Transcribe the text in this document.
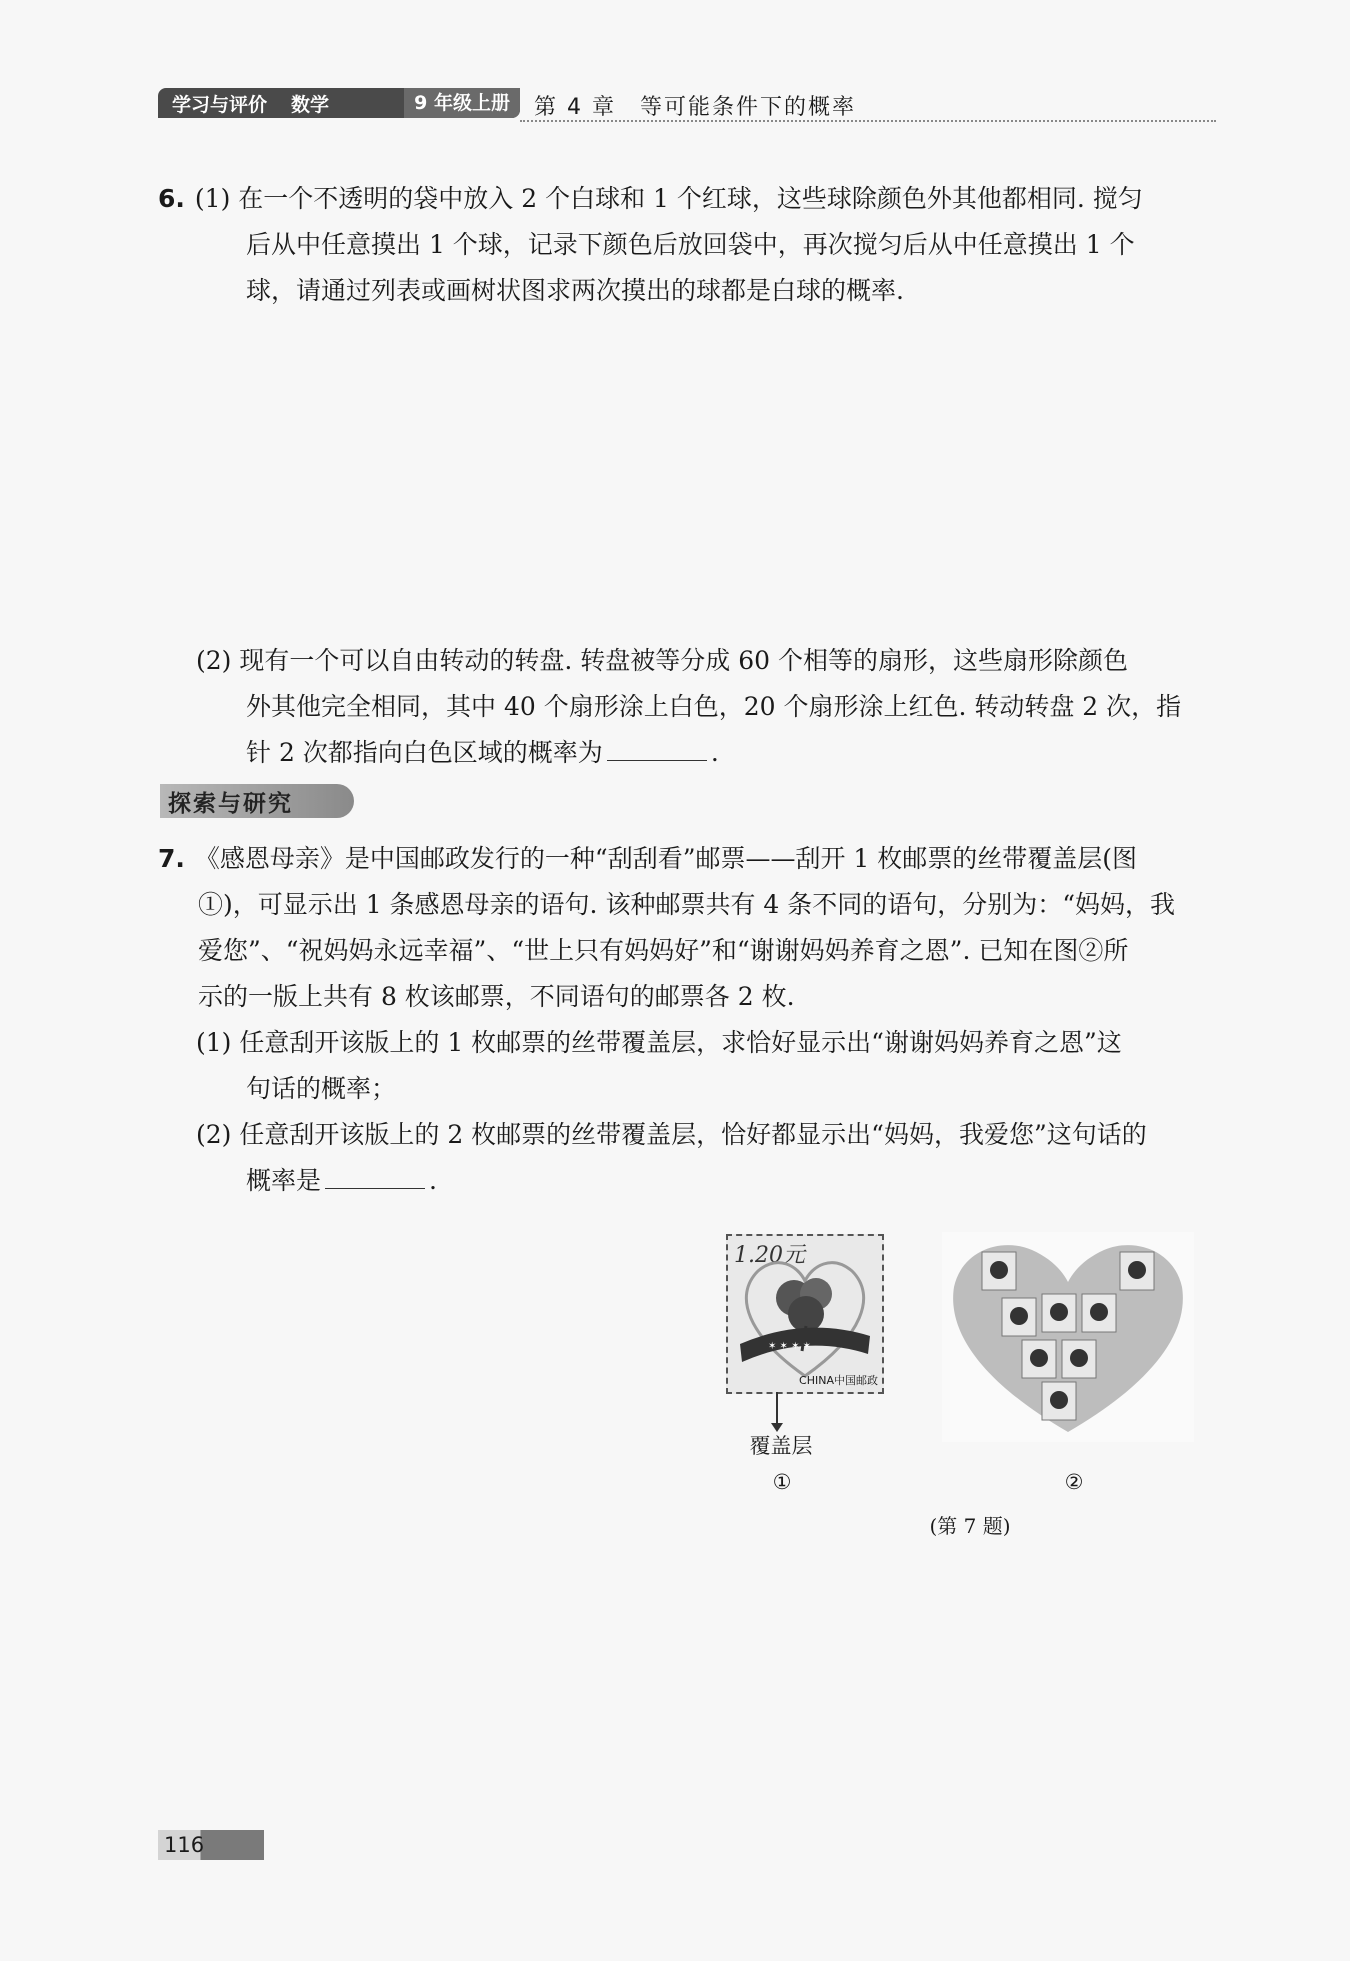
学习与评价 数学	9 年级上册	第 4 章 等可能条件下的概率

6. (1) 在一个不透明的袋中放入 2 个白球和 1 个红球，这些球除颜色外其他都相同. 搅匀

后从中任意摸出 1 个球，记录下颜色后放回袋中，再次搅匀后从中任意摸出 1 个

球，请通过列表或画树状图求两次摸出的球都是白球的概率.

(2) 现有一个可以自由转动的转盘. 转盘被等分成 60 个相等的扇形，这些扇形除颜色

外其他完全相同，其中 40 个扇形涂上白色，20 个扇形涂上红色. 转动转盘 2 次，指

针 2 次都指向白色区域的概率为	.

探索与研究

7. 《感恩母亲》是中国邮政发行的一种“刮刮看”邮票——刮开 1 枚邮票的丝带覆盖层(图

①)，可显示出 1 条感恩母亲的语句. 该种邮票共有 4 条不同的语句，分别为：“妈妈，我

爱您”、“祝妈妈永远幸福”、“世上只有妈妈好”和“谢谢妈妈养育之恩”. 已知在图②所

示的一版上共有 8 枚该邮票，不同语句的邮票各 2 枚.

(1) 任意刮开该版上的 1 枚邮票的丝带覆盖层，求恰好显示出“谢谢妈妈养育之恩”这

句话的概率；

(2) 任意刮开该版上的 2 枚邮票的丝带覆盖层，恰好都显示出“妈妈，我爱您”这句话的

概率是	.

1.20元
✶ ✶ ✶ ✶
CHINA中国邮政
覆盖层
①	②
(第 7 题)
116
